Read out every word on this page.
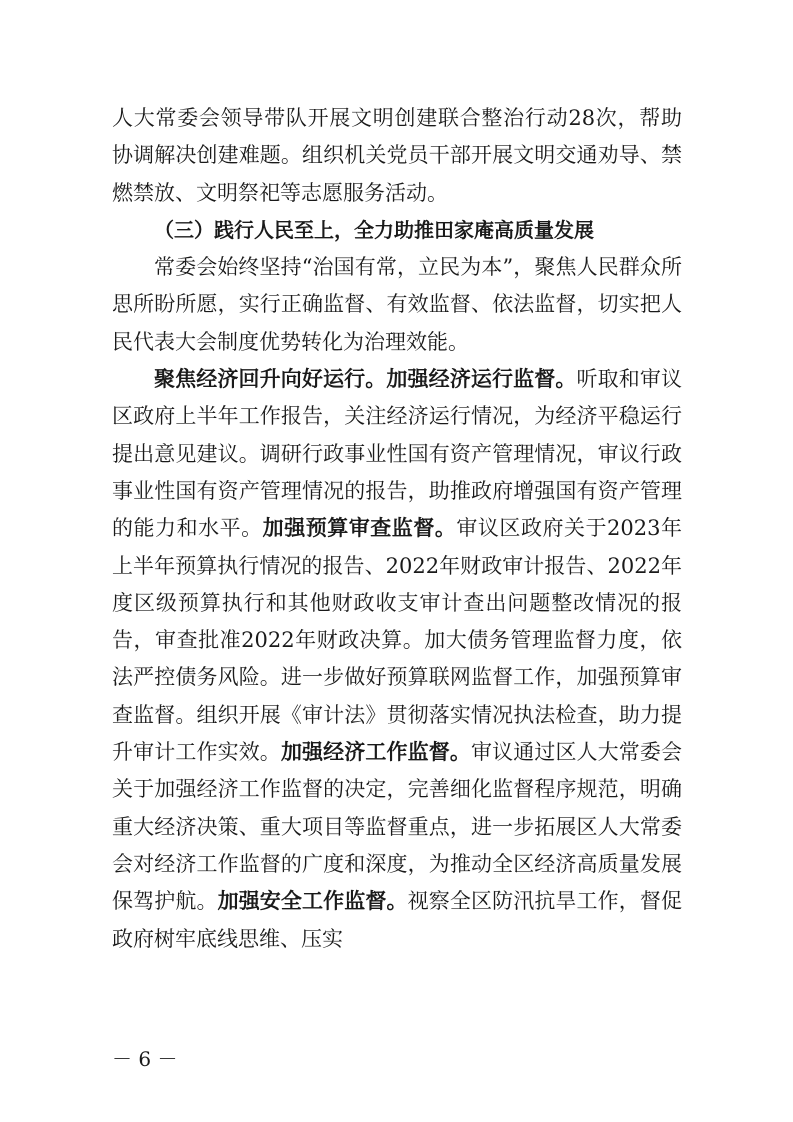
人大常委会领导带队开展文明创建联合整治行动28次，帮助协调解决创建难题。组织机关党员干部开展文明交通劝导、禁燃禁放、文明祭祀等志愿服务活动。

（三）践行人民至上，全力助推田家庵高质量发展

常委会始终坚持“治国有常，立民为本”，聚焦人民群众所思所盼所愿，实行正确监督、有效监督、依法监督，切实把人民代表大会制度优势转化为治理效能。

聚焦经济回升向好运行。加强经济运行监督。听取和审议区政府上半年工作报告，关注经济运行情况，为经济平稳运行提出意见建议。调研行政事业性国有资产管理情况，审议行政事业性国有资产管理情况的报告，助推政府增强国有资产管理的能力和水平。加强预算审查监督。审议区政府关于2023年上半年预算执行情况的报告、2022年财政审计报告、2022年度区级预算执行和其他财政收支审计查出问题整改情况的报告，审查批准2022年财政决算。加大债务管理监督力度，依法严控债务风险。进一步做好预算联网监督工作，加强预算审查监督。组织开展《审计法》贯彻落实情况执法检查，助力提升审计工作实效。加强经济工作监督。审议通过区人大常委会关于加强经济工作监督的决定，完善细化监督程序规范，明确重大经济决策、重大项目等监督重点，进一步拓展区人大常委会对经济工作监督的广度和深度，为推动全区经济高质量发展保驾护航。加强安全工作监督。视察全区防汛抗旱工作，督促政府树牢底线思维、压实

－ 6 －
